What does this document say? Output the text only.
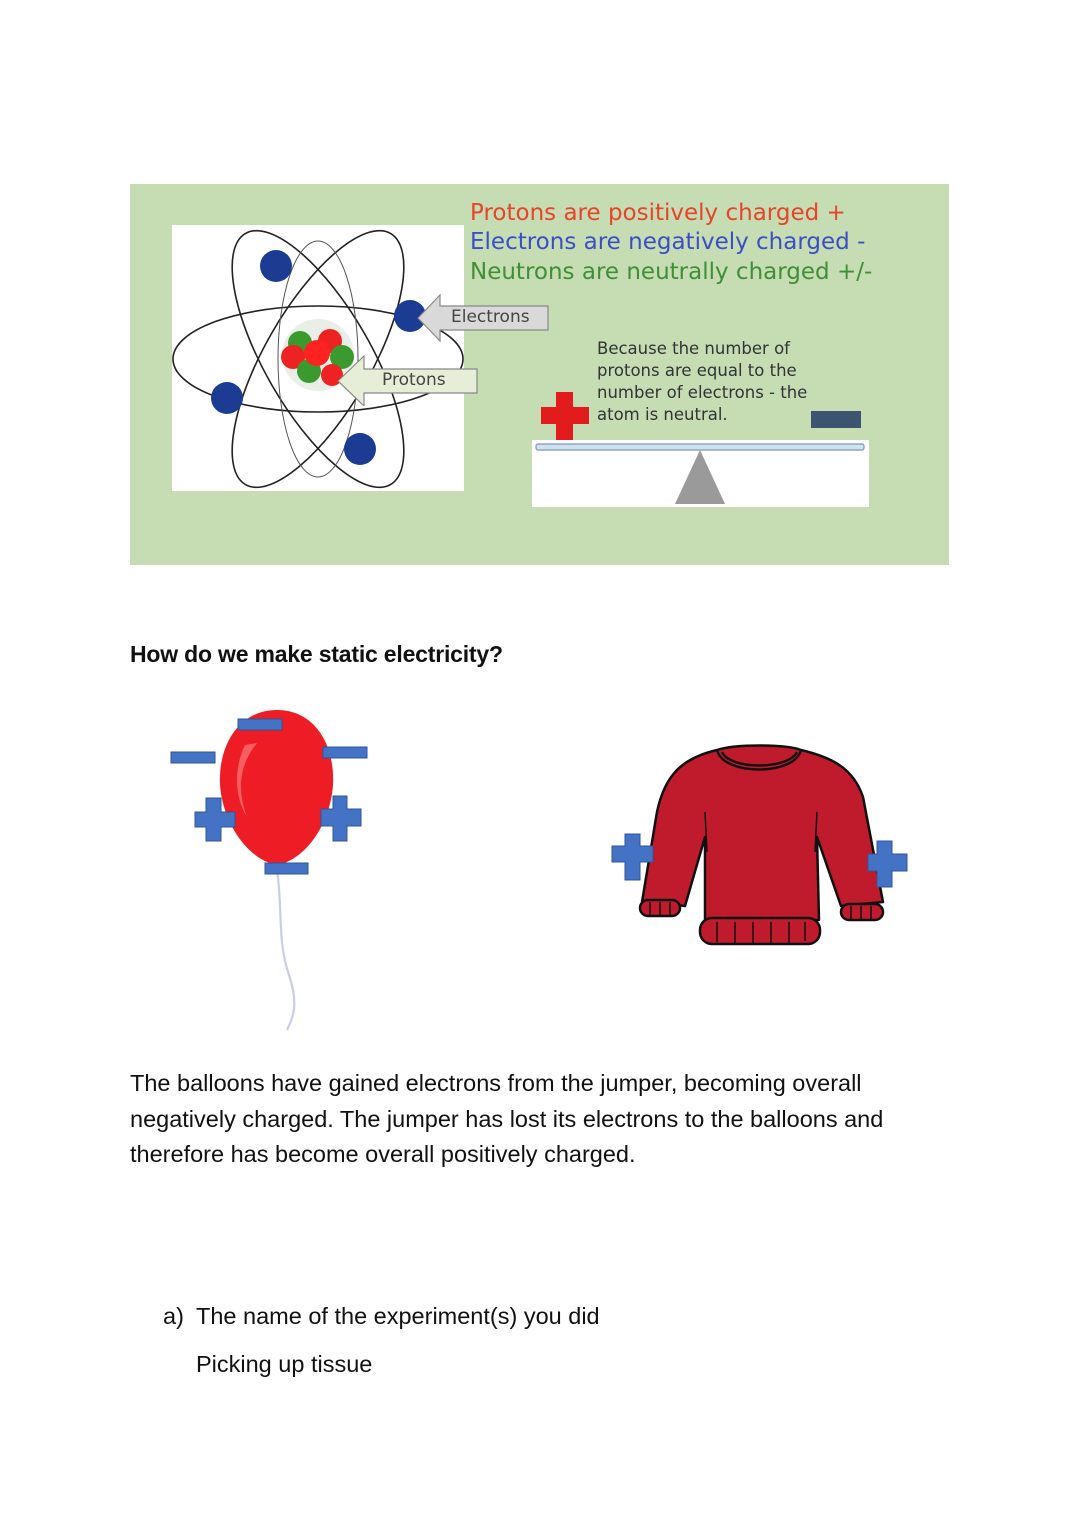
Electrons
Protons
Protons are positively charged +
Electrons are negatively charged -
Neutrons are neutrally charged +/-
Because the number of
protons are equal to the
number of electrons - the
atom is neutral.
How do we make static electricity?
The balloons have gained electrons from the jumper, becoming overall
negatively charged. The jumper has lost its electrons to the balloons and
therefore has become overall positively charged.
a) The name of the experiment(s) you did
Picking up tissue
